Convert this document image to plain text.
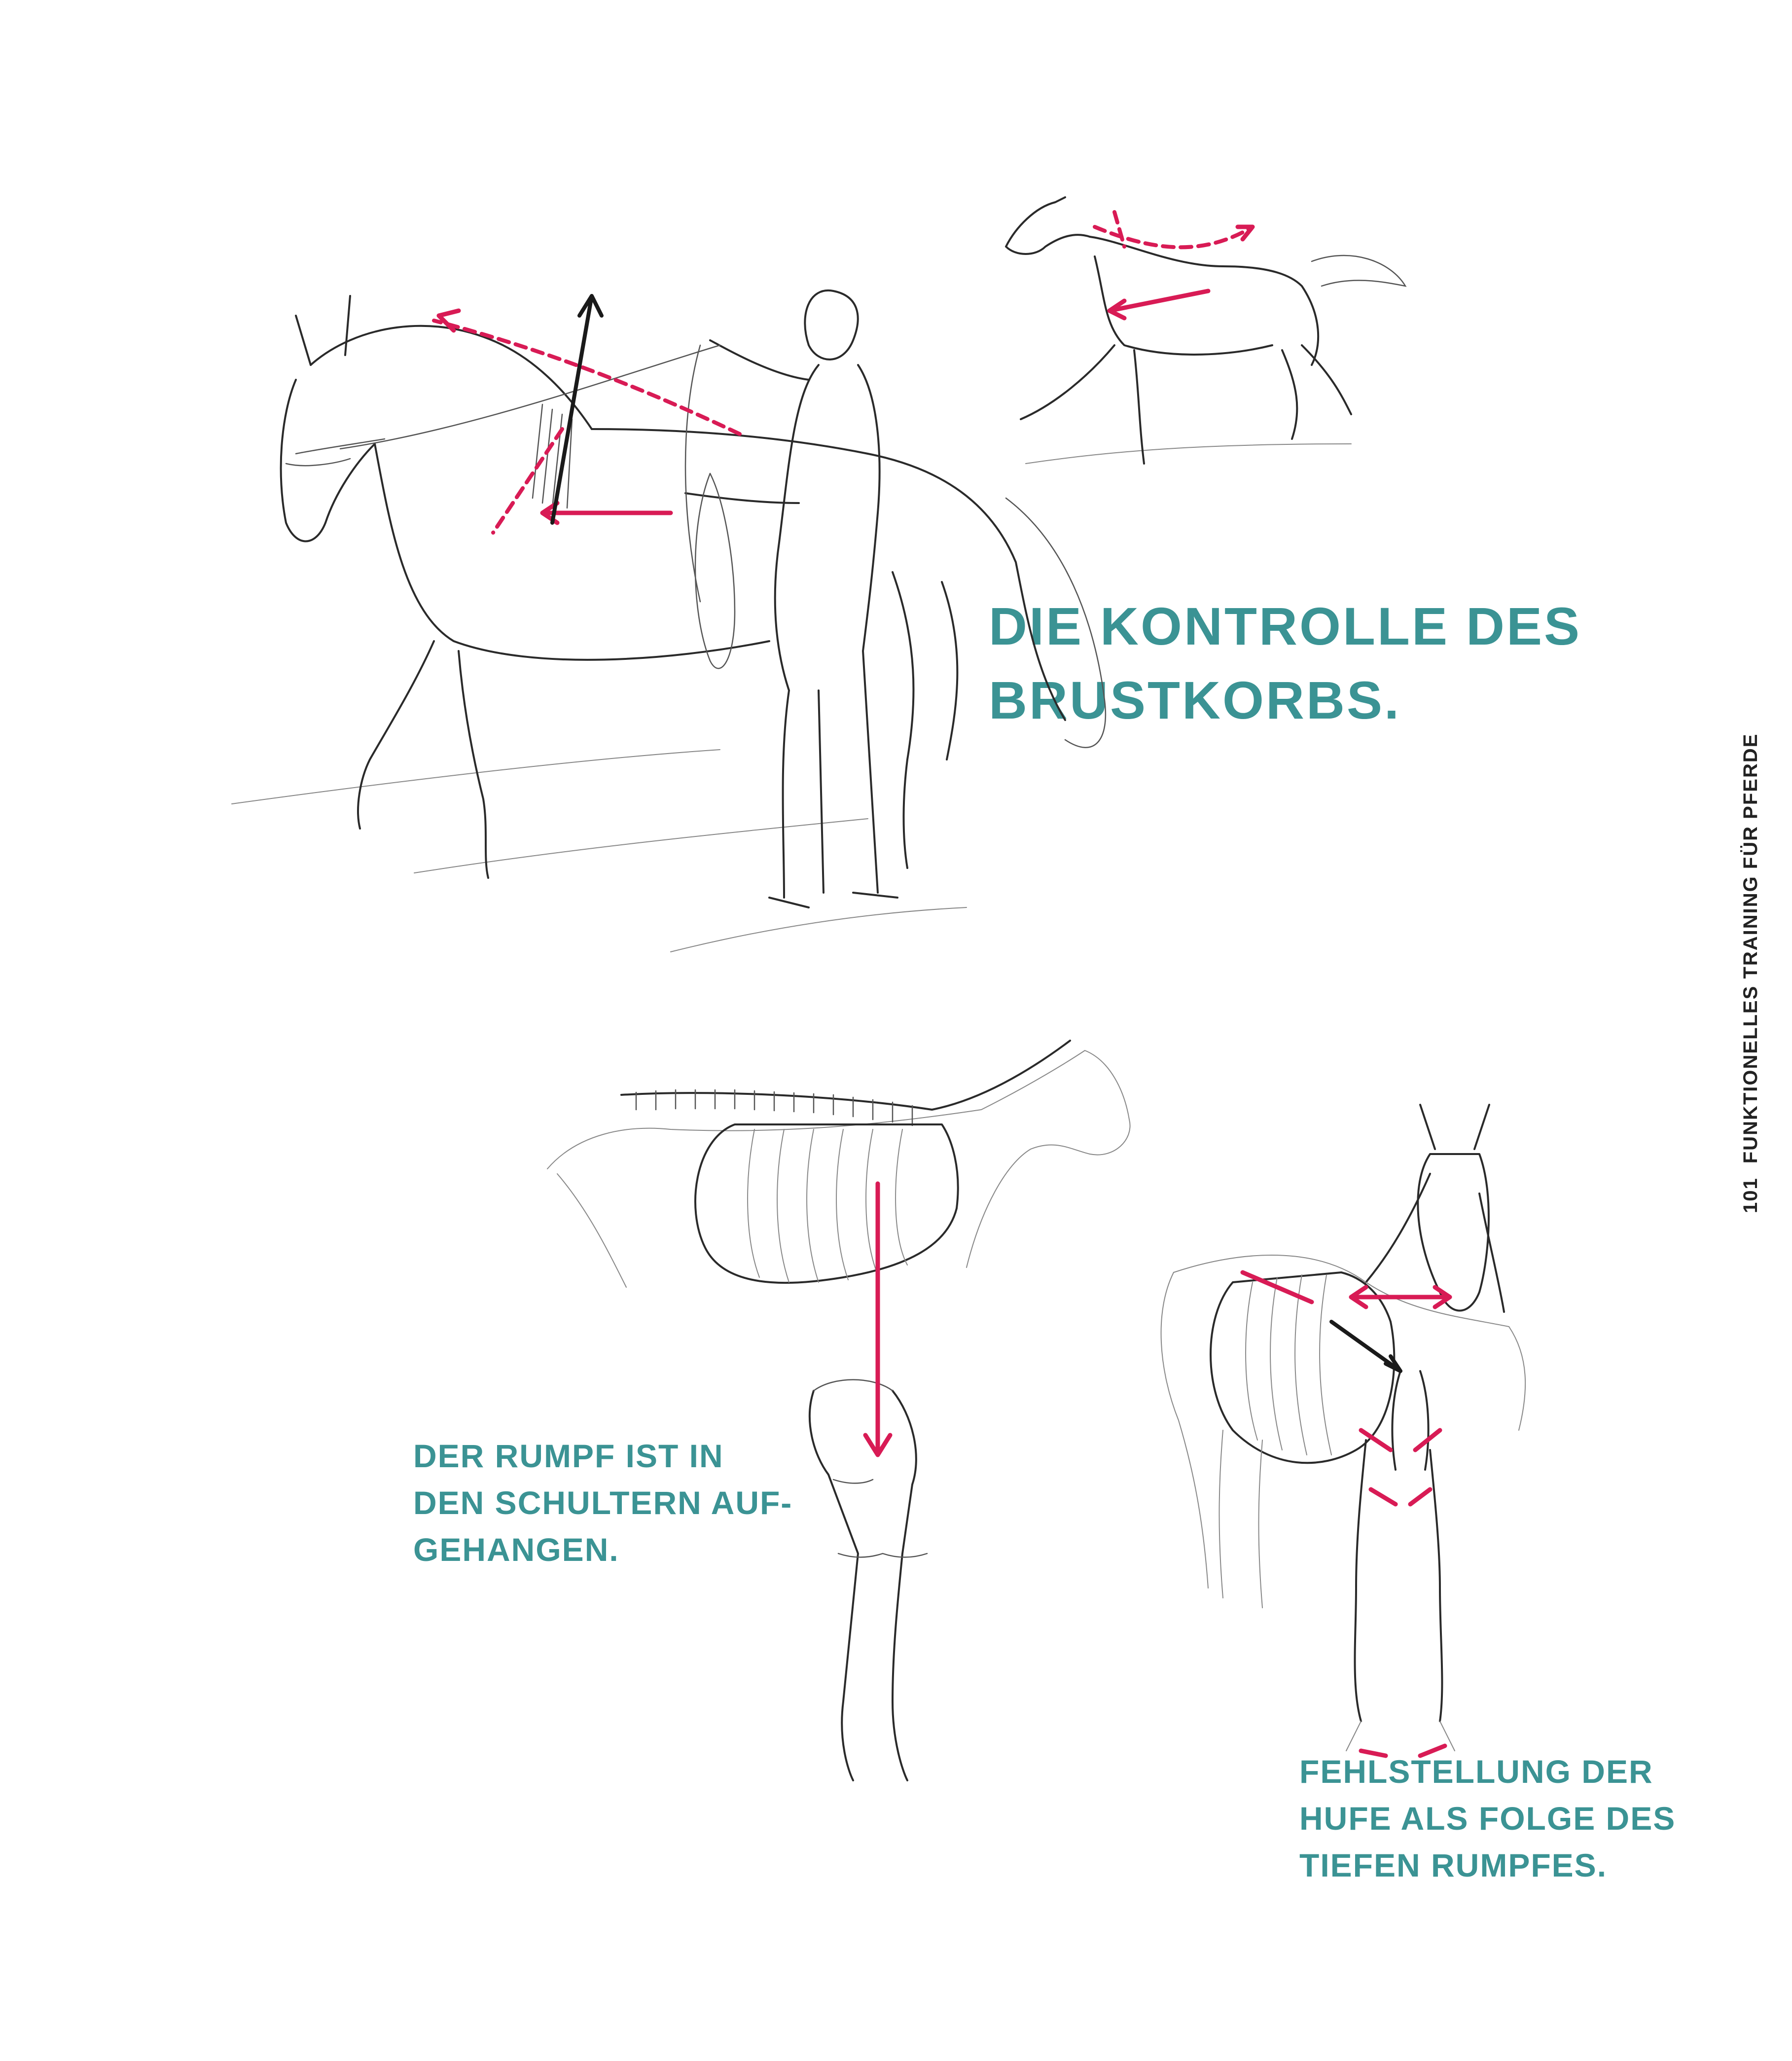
DIE KONTROLLE DES
BRUSTKORBS.

DER RUMPF IST IN
DEN SCHULTERN AUF-
GEHANGEN.

FEHLSTELLUNG DER
HUFE ALS FOLGE DES
TIEFEN RUMPFES.

101
FUNKTIONELLES TRAINING FÜR PFERDE
